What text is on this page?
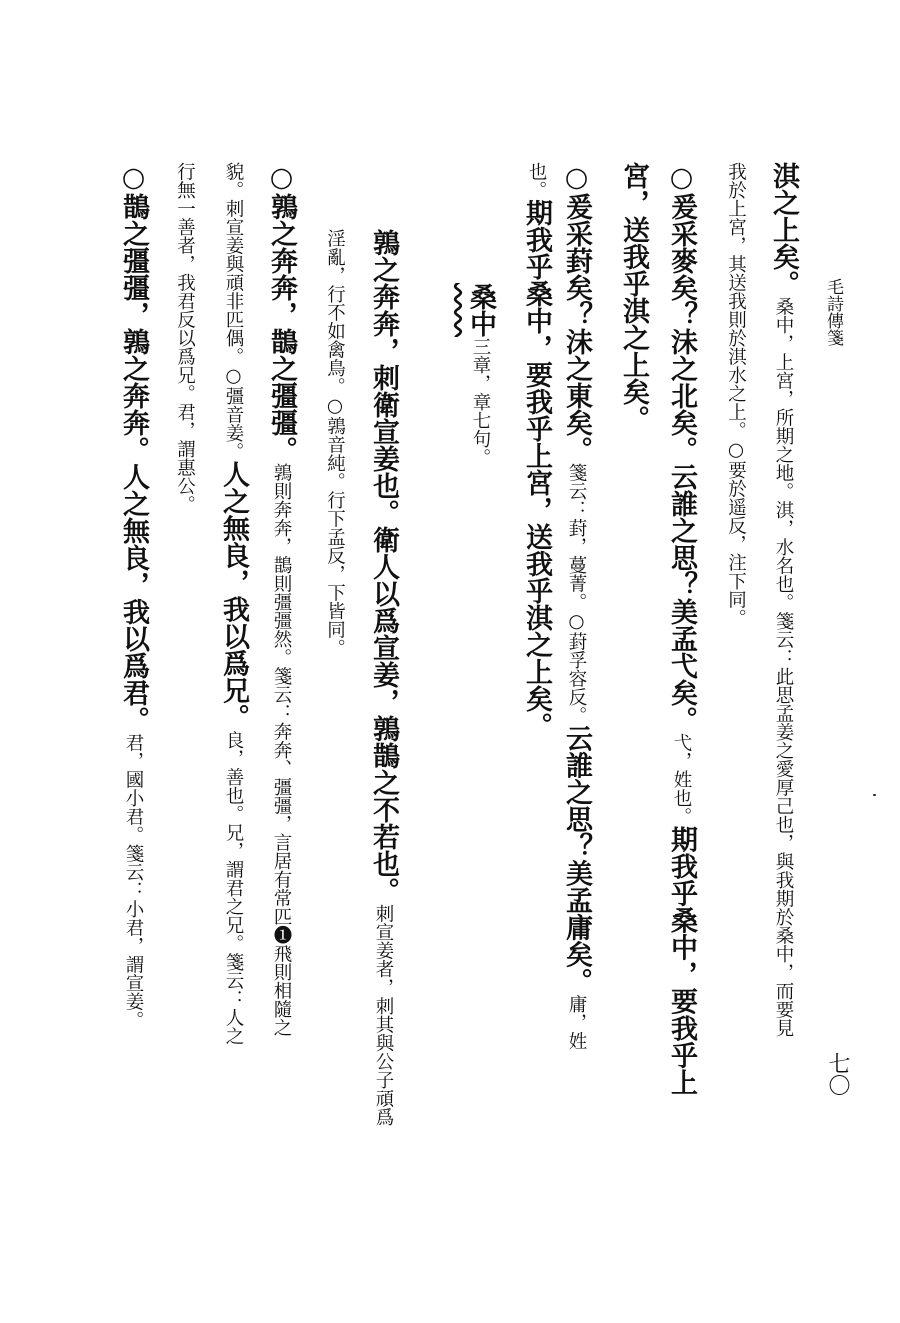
毛詩傳箋
七〇
淇之上矣。桑中，上宮，所期之地。淇，水名也。箋云：此思孟姜之愛厚己也，與我期於桑中，而要見
我於上宮，其送我則於淇水之上。○要於遥反，注下同。
○爰采麥矣？沬之北矣。云誰之思？美孟弋矣。弋，姓也。期我乎桑中，要我乎上
宮，送我乎淇之上矣。
○爰采葑矣？沬之東矣。箋云：葑，蔓菁。○葑孚容反。云誰之思？美孟庸矣。庸，姓
也。期我乎桑中，要我乎上宮，送我乎淇之上矣。
桑中三章，章七句。
鶉之奔奔，刺衛宣姜也。衛人以爲宣姜，鶉鵲之不若也。刺宣姜者，刺其與公子頑爲
淫亂，行不如禽鳥。○鶉音純。行下孟反，下皆同。
○鶉之奔奔，鵲之彊彊。鶉則奔奔，鵲則彊彊然。箋云：奔奔、彊彊，言居有常匹❶飛則相隨之
貌。刺宣姜與頑非匹偶。○彊音姜。人之無良，我以爲兄。良，善也。兄，謂君之兄。箋云：人之
行無一善者，我君反以爲兄。君，謂惠公。
○鵲之彊彊，鶉之奔奔。人之無良，我以爲君。君，國小君。箋云：小君，謂宣姜。
